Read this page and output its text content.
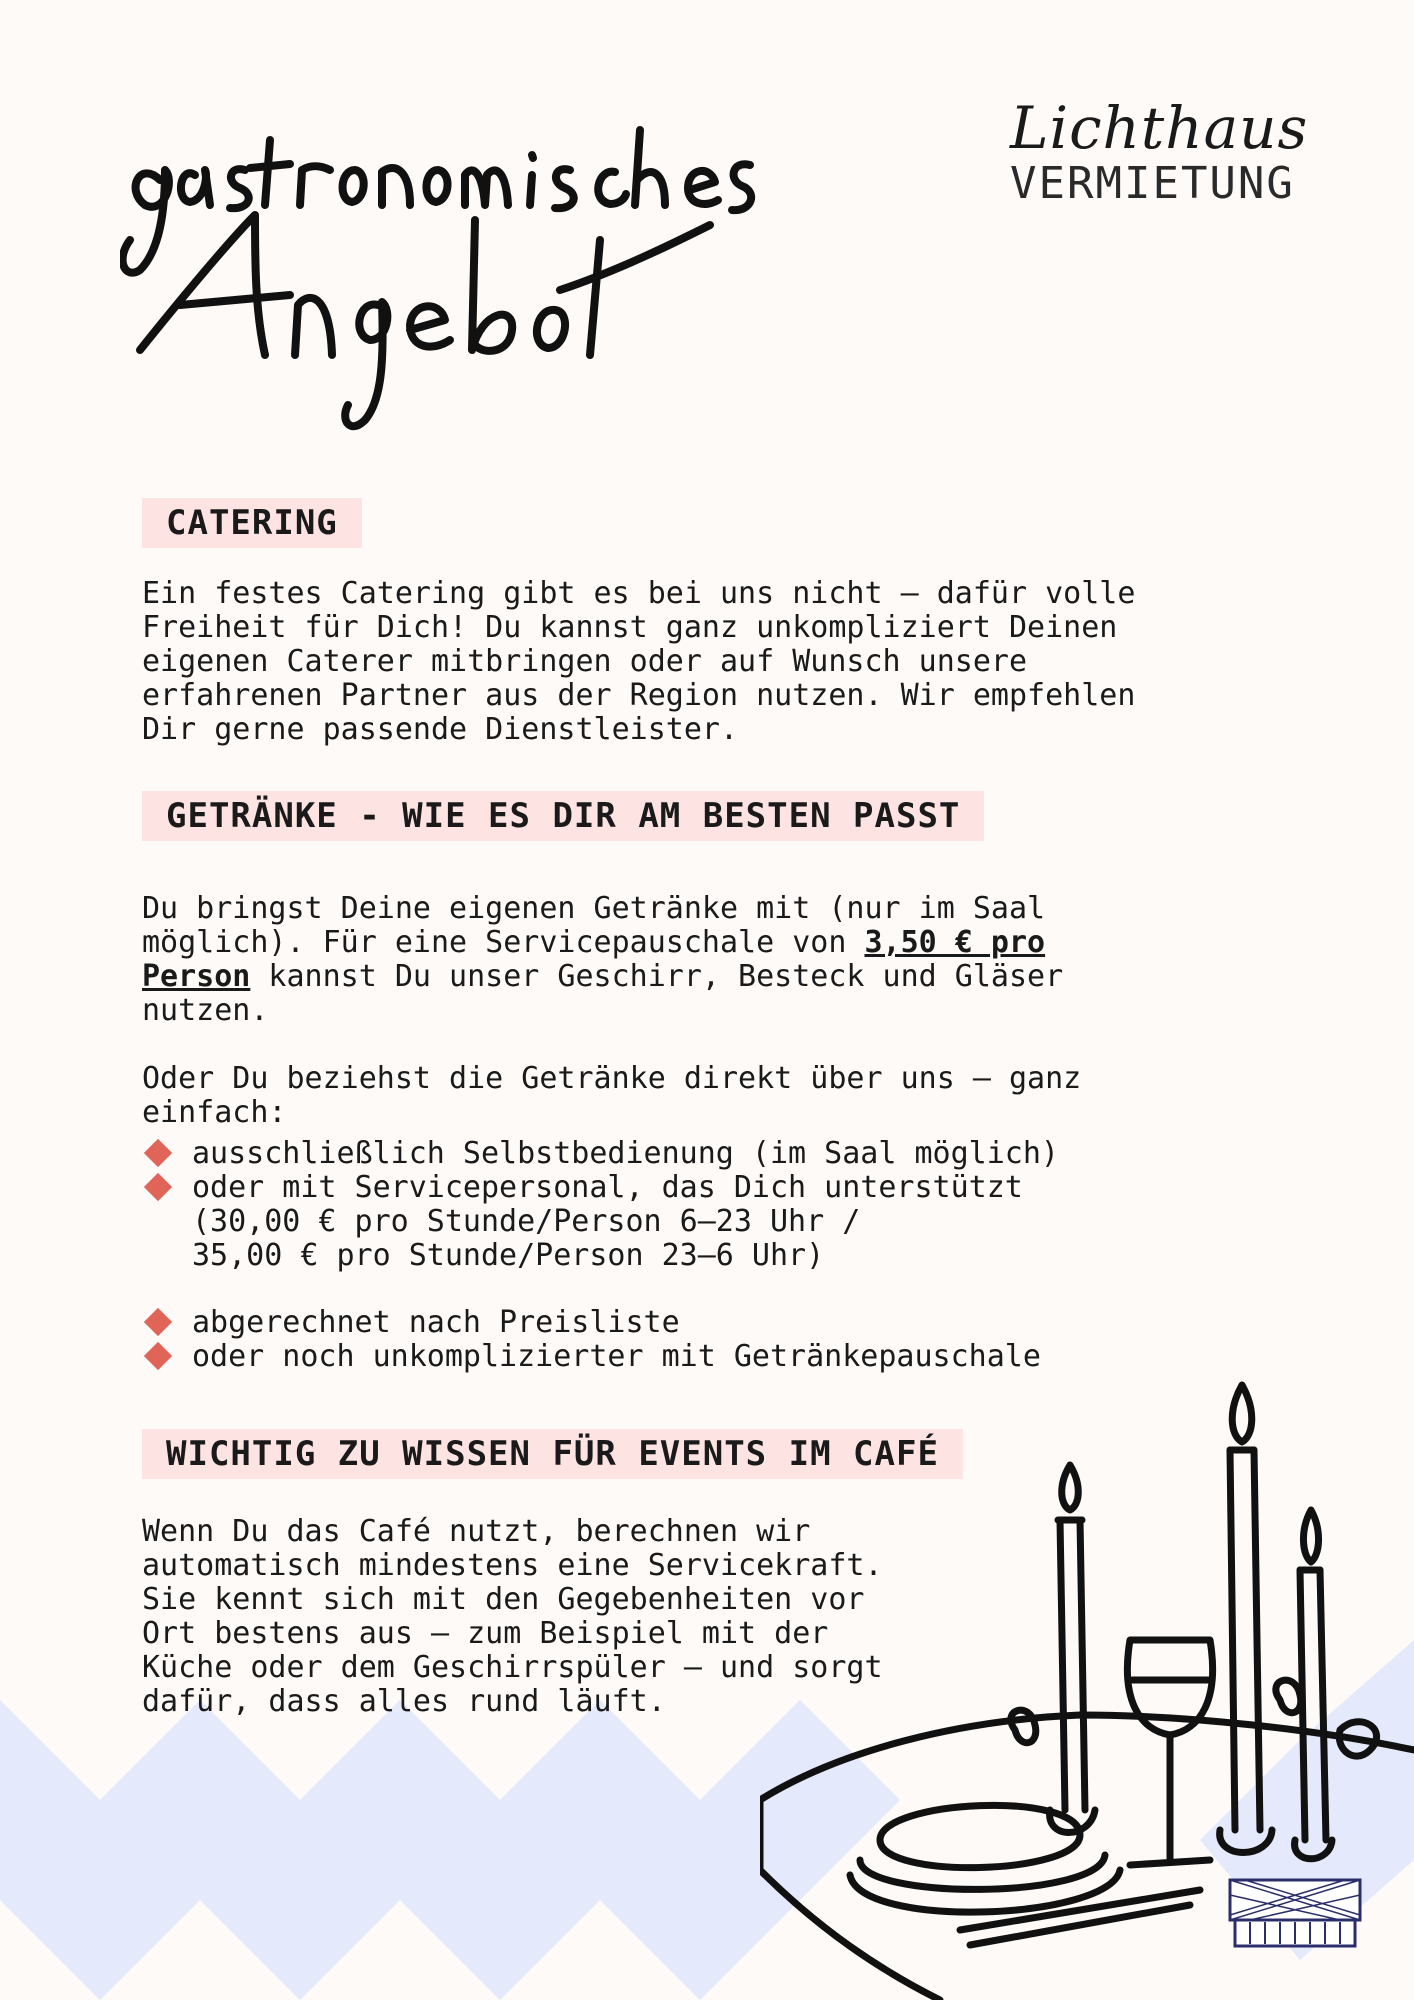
Lichthaus
VERMIETUNG
CATERING
Ein festes Catering gibt es bei uns nicht – dafür volle
Freiheit für Dich! Du kannst ganz unkompliziert Deinen
eigenen Caterer mitbringen oder auf Wunsch unsere
erfahrenen Partner aus der Region nutzen. Wir empfehlen
Dir gerne passende Dienstleister.
GETRÄNKE - WIE ES DIR AM BESTEN PASST
Du bringst Deine eigenen Getränke mit (nur im Saal
möglich). Für eine Servicepauschale von 3,50 € pro
Person kannst Du unser Geschirr, Besteck und Gläser
nutzen.
Oder Du beziehst die Getränke direkt über uns – ganz
einfach:
ausschließlich Selbstbedienung (im Saal möglich)
oder mit Servicepersonal, das Dich unterstützt
(30,00 € pro Stunde/Person 6–23 Uhr /
35,00 € pro Stunde/Person 23–6 Uhr)
abgerechnet nach Preisliste
oder noch unkomplizierter mit Getränkepauschale
WICHTIG ZU WISSEN FÜR EVENTS IM CAFÉ
Wenn Du das Café nutzt, berechnen wir
automatisch mindestens eine Servicekraft.
Sie kennt sich mit den Gegebenheiten vor
Ort bestens aus – zum Beispiel mit der
Küche oder dem Geschirrspüler – und sorgt
dafür, dass alles rund läuft.
